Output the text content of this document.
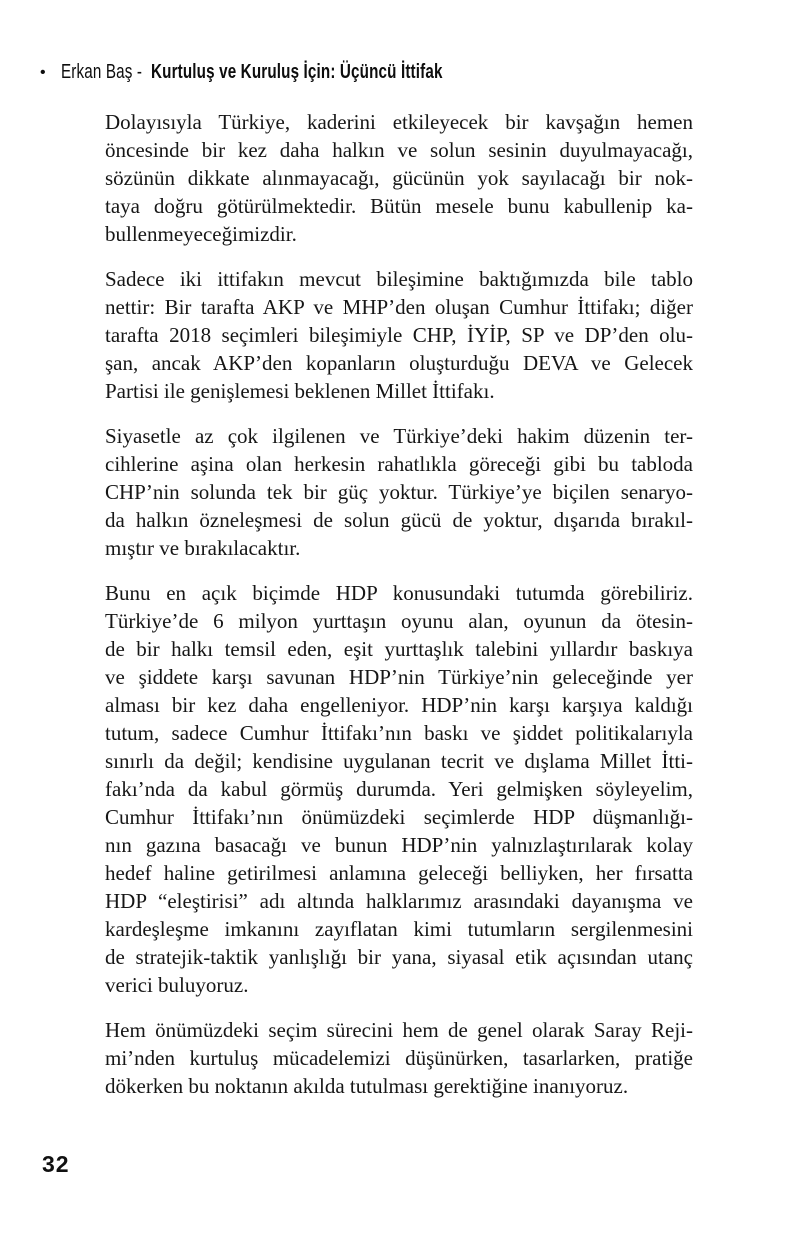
• Erkan Baş - Kurtuluş ve Kuruluş İçin: Üçüncü İttifak
Dolayısıyla Türkiye, kaderini etkileyecek bir kavşağın hemen
öncesinde bir kez daha halkın ve solun sesinin duyulmayacağı,
sözünün dikkate alınmayacağı, gücünün yok sayılacağı bir nok-
taya doğru götürülmektedir. Bütün mesele bunu kabullenip ka-
bullenmeyeceğimizdir.
Sadece iki ittifakın mevcut bileşimine baktığımızda bile tablo
nettir: Bir tarafta AKP ve MHP’den oluşan Cumhur İttifakı; diğer
tarafta 2018 seçimleri bileşimiyle CHP, İYİP, SP ve DP’den olu-
şan, ancak AKP’den kopanların oluşturduğu DEVA ve Gelecek
Partisi ile genişlemesi beklenen Millet İttifakı.
Siyasetle az çok ilgilenen ve Türkiye’deki hakim düzenin ter-
cihlerine aşina olan herkesin rahatlıkla göreceği gibi bu tabloda
CHP’nin solunda tek bir güç yoktur. Türkiye’ye biçilen senaryo-
da halkın özneleşmesi de solun gücü de yoktur, dışarıda bırakıl-
mıştır ve bırakılacaktır.
Bunu en açık biçimde HDP konusundaki tutumda görebiliriz.
Türkiye’de 6 milyon yurttaşın oyunu alan, oyunun da ötesin-
de bir halkı temsil eden, eşit yurttaşlık talebini yıllardır baskıya
ve şiddete karşı savunan HDP’nin Türkiye’nin geleceğinde yer
alması bir kez daha engelleniyor. HDP’nin karşı karşıya kaldığı
tutum, sadece Cumhur İttifakı’nın baskı ve şiddet politikalarıyla
sınırlı da değil; kendisine uygulanan tecrit ve dışlama Millet İtti-
fakı’nda da kabul görmüş durumda. Yeri gelmişken söyleyelim,
Cumhur İttifakı’nın önümüzdeki seçimlerde HDP düşmanlığı-
nın gazına basacağı ve bunun HDP’nin yalnızlaştırılarak kolay
hedef haline getirilmesi anlamına geleceği belliyken, her fırsatta
HDP “eleştirisi” adı altında halklarımız arasındaki dayanışma ve
kardeşleşme imkanını zayıflatan kimi tutumların sergilenmesini
de stratejik-taktik yanlışlığı bir yana, siyasal etik açısından utanç
verici buluyoruz.
Hem önümüzdeki seçim sürecini hem de genel olarak Saray Reji-
mi’nden kurtuluş mücadelemizi düşünürken, tasarlarken, pratiğe
dökerken bu noktanın akılda tutulması gerektiğine inanıyoruz.
32
